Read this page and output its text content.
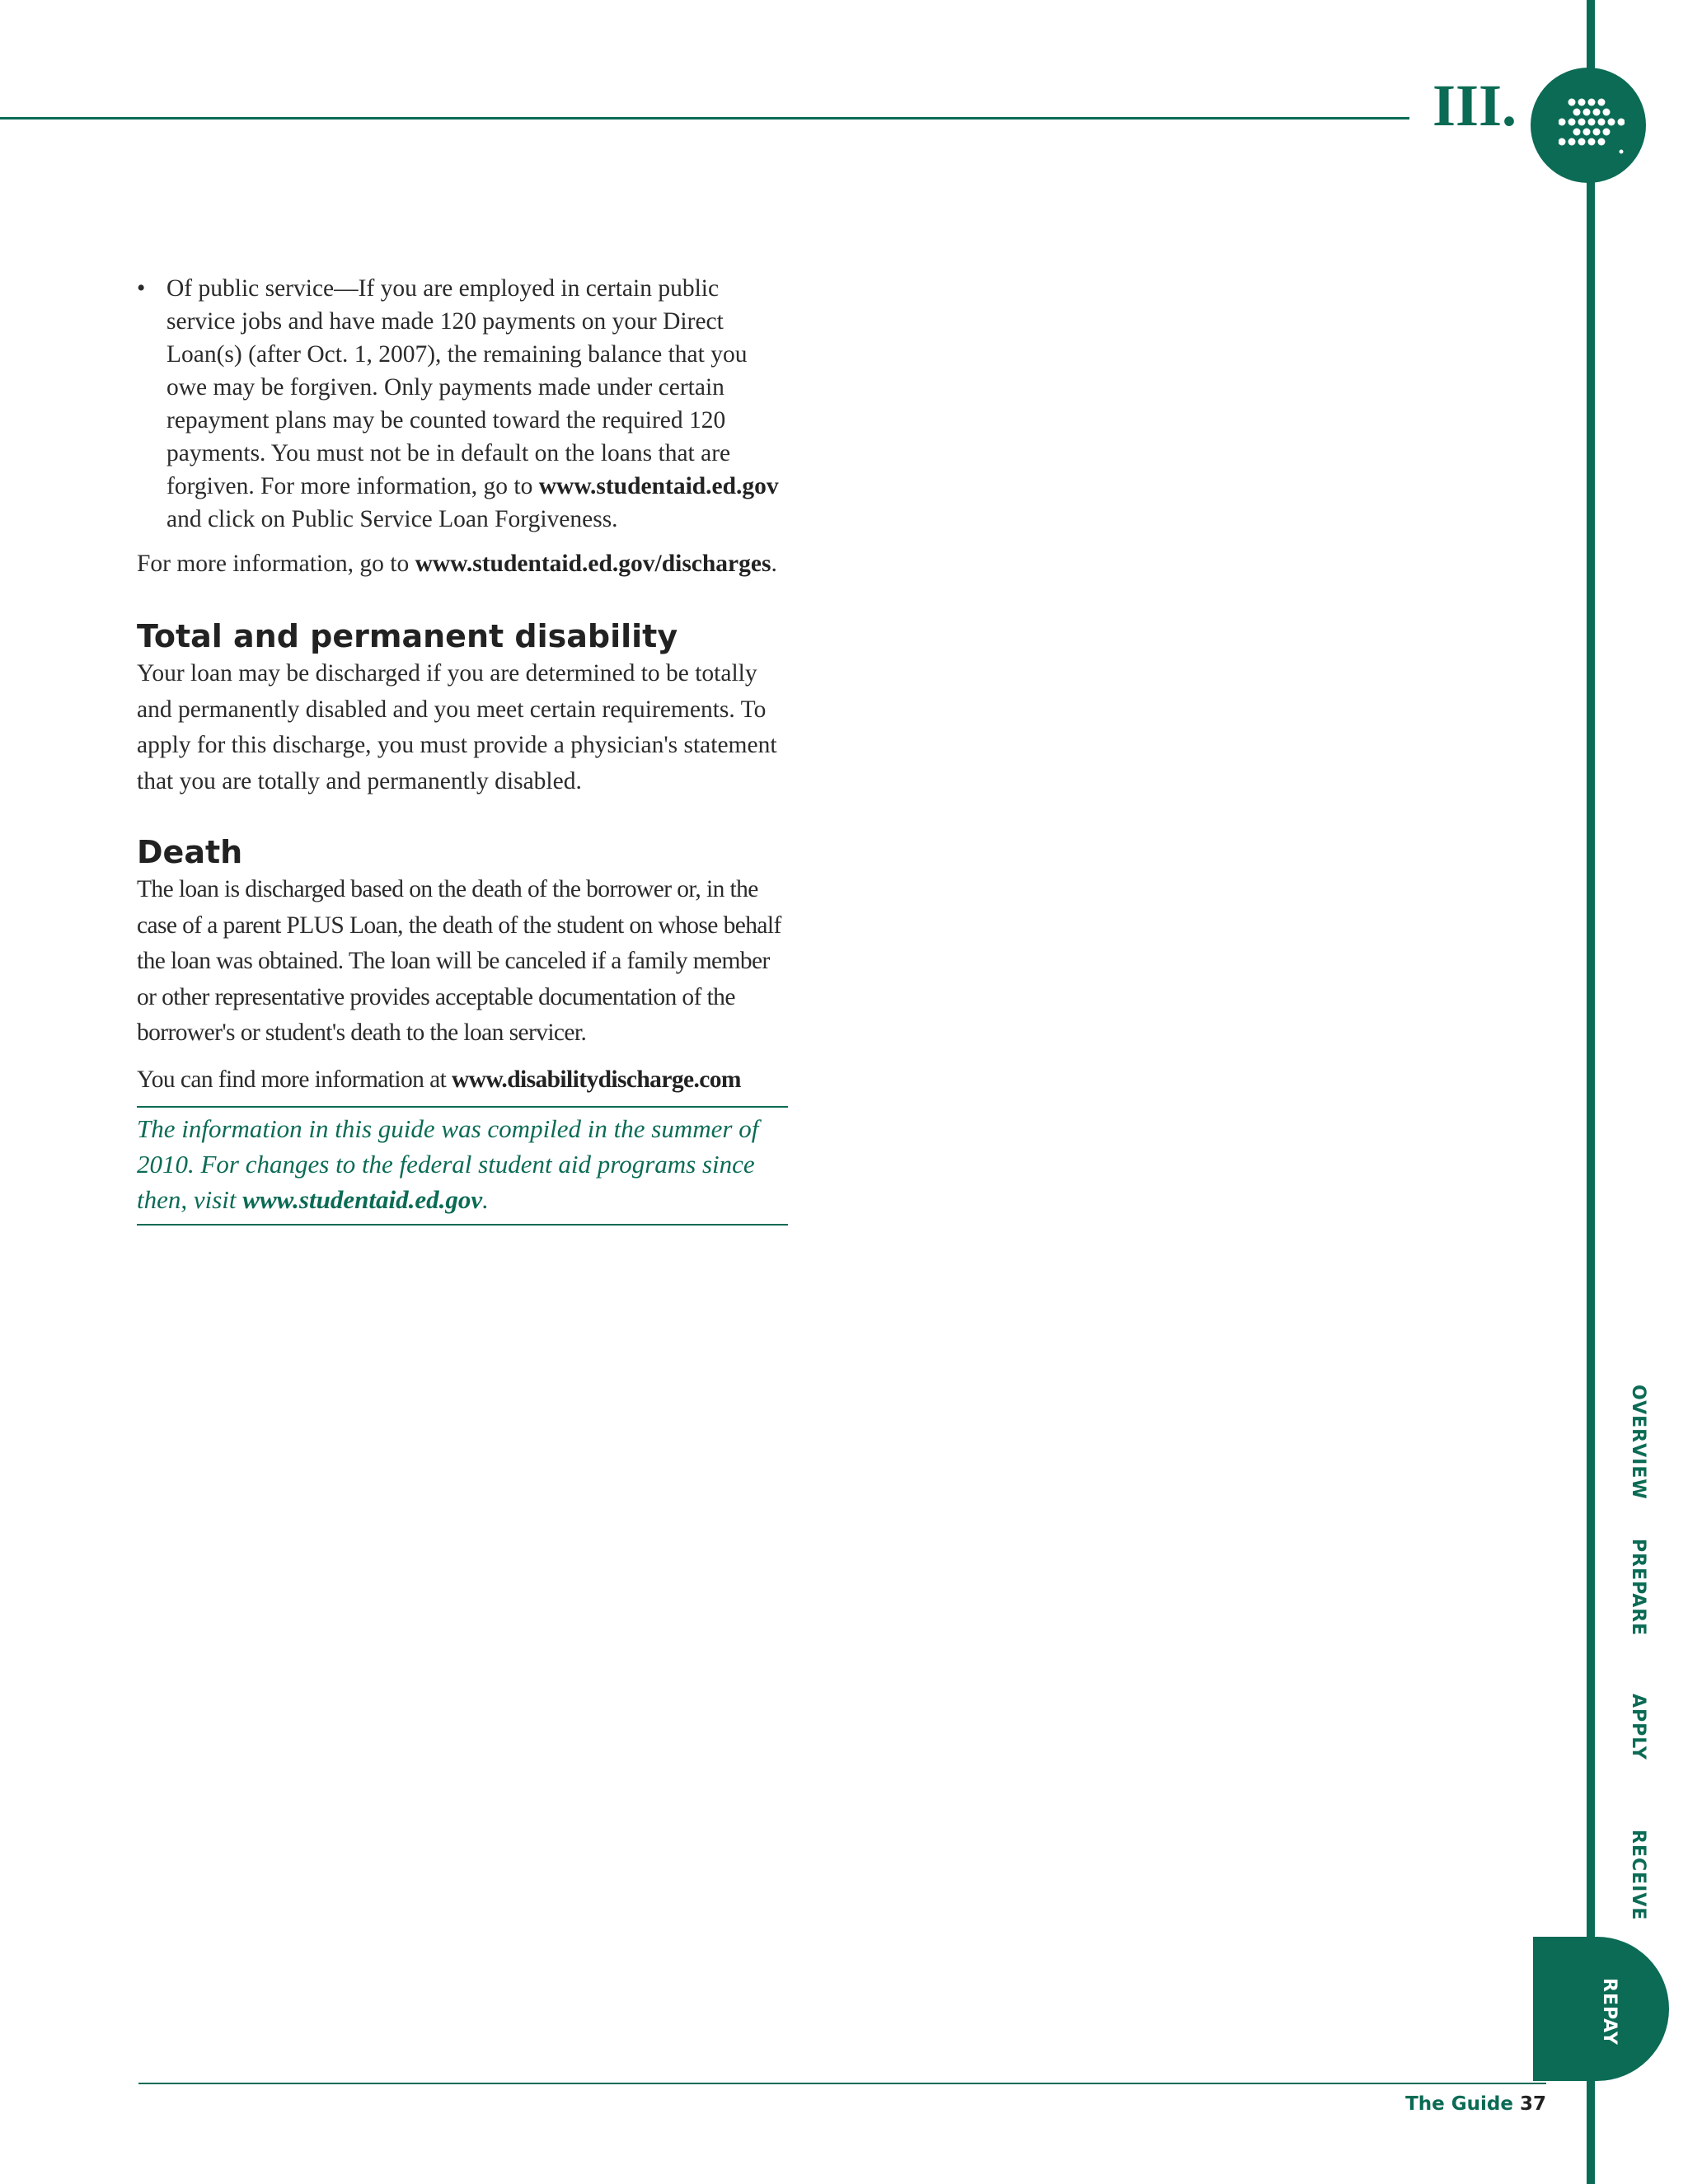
III.
• Of public service—If you are employed in certain public service jobs and have made 120 payments on your Direct Loan(s) (after Oct. 1, 2007), the remaining balance that you owe may be forgiven. Only payments made under certain repayment plans may be counted toward the required 120 payments. You must not be in default on the loans that are forgiven. For more information, go to www.studentaid.ed.gov and click on Public Service Loan Forgiveness.

For more information, go to www.studentaid.ed.gov/discharges.

Total and permanent disability

Your loan may be discharged if you are determined to be totally and permanently disabled and you meet certain requirements. To apply for this discharge, you must provide a physician's statement that you are totally and permanently disabled.

Death

The loan is discharged based on the death of the borrower or, in the case of a parent PLUS Loan, the death of the student on whose behalf the loan was obtained. The loan will be canceled if a family member or other representative provides acceptable documentation of the borrower's or student's death to the loan servicer.

You can find more information at www.disabilitydischarge.com

The information in this guide was compiled in the summer of 2010. For changes to the federal student aid programs since then, visit www.studentaid.ed.gov.
OVERVIEW
PREPARE
APPLY
RECEIVE
REPAY
The Guide 37
